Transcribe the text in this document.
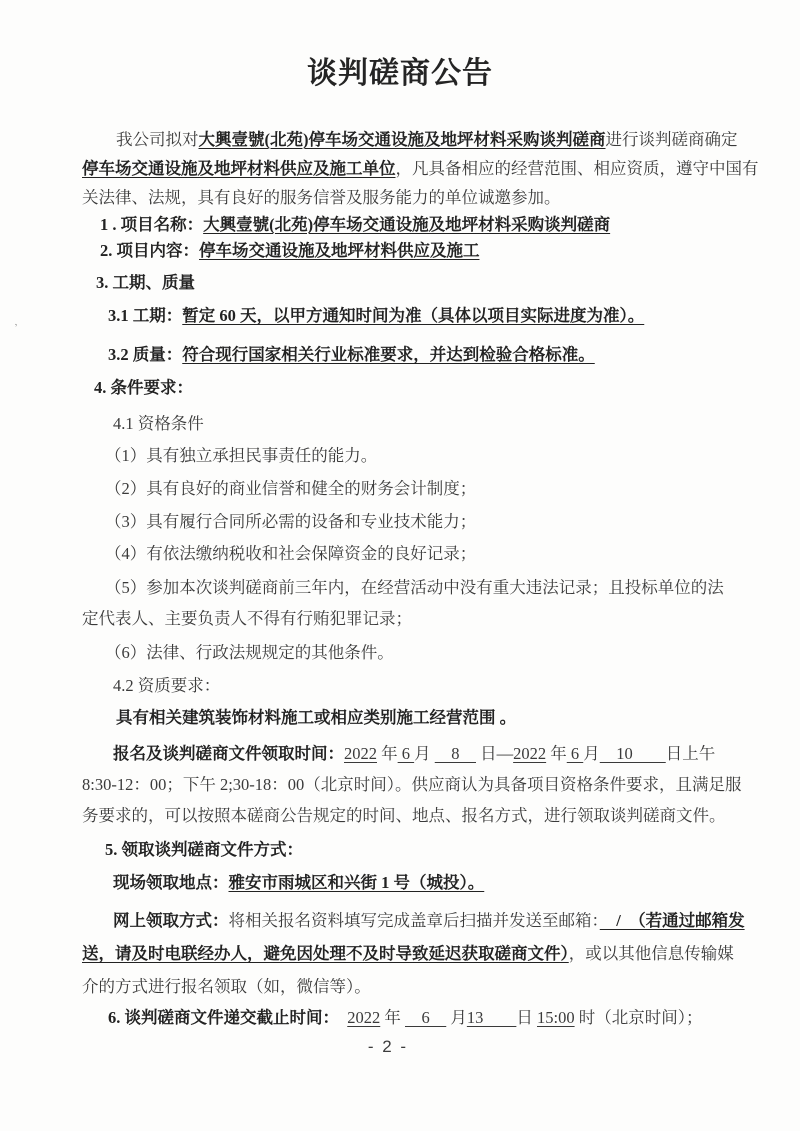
谈判磋商公告
,
我公司拟对大興壹號(北苑)停车场交通设施及地坪材料采购谈判磋商进行谈判磋商确定
停车场交通设施及地坪材料供应及施工单位，凡具备相应的经营范围、相应资质，遵守中国有
关法律、法规，具有良好的服务信誉及服务能力的单位诚邀参加。
1 . 项目名称：大興壹號(北苑)停车场交通设施及地坪材料采购谈判磋商
2. 项目内容：停车场交通设施及地坪材料供应及施工
3. 工期、质量
3.1 工期：暂定 60 天，以甲方通知时间为准（具体以项目实际进度为准）。
3.2 质量：符合现行国家相关行业标准要求，并达到检验合格标准。
4. 条件要求：
4.1 资格条件
（1）具有独立承担民事责任的能力。
（2）具有良好的商业信誉和健全的财务会计制度；
（3）具有履行合同所必需的设备和专业技术能力；
（4）有依法缴纳税收和社会保障资金的良好记录；
（5）参加本次谈判磋商前三年内，在经营活动中没有重大违法记录；且投标单位的法
定代表人、主要负责人不得有行贿犯罪记录；
（6）法律、行政法规规定的其他条件。
4.2 资质要求：
具有相关建筑装饰材料施工或相应类别施工经营范围 。
报名及谈判磋商文件领取时间：2022 年 6 月 　8　 日—2022 年 6 月　10　　日上午
8:30-12：00；下午 2;30-18：00（北京时间）。供应商认为具备项目资格条件要求，且满足服
务要求的，可以按照本磋商公告规定的时间、地点、报名方式，进行领取谈判磋商文件。
5. 领取谈判磋商文件方式：
现场领取地点：雅安市雨城区和兴街 1 号（城投）。
网上领取方式：将相关报名资料填写完成盖章后扫描并发送至邮箱：　/　（若通过邮箱发
送，请及时电联经办人，避免因处理不及时导致延迟获取磋商文件），或以其他信息传输媒
介的方式进行报名领取（如，微信等）。
6. 谈判磋商文件递交截止时间：　 2022 年 　6　 月13　　日 15:00 时（北京时间）；
- 2 -
